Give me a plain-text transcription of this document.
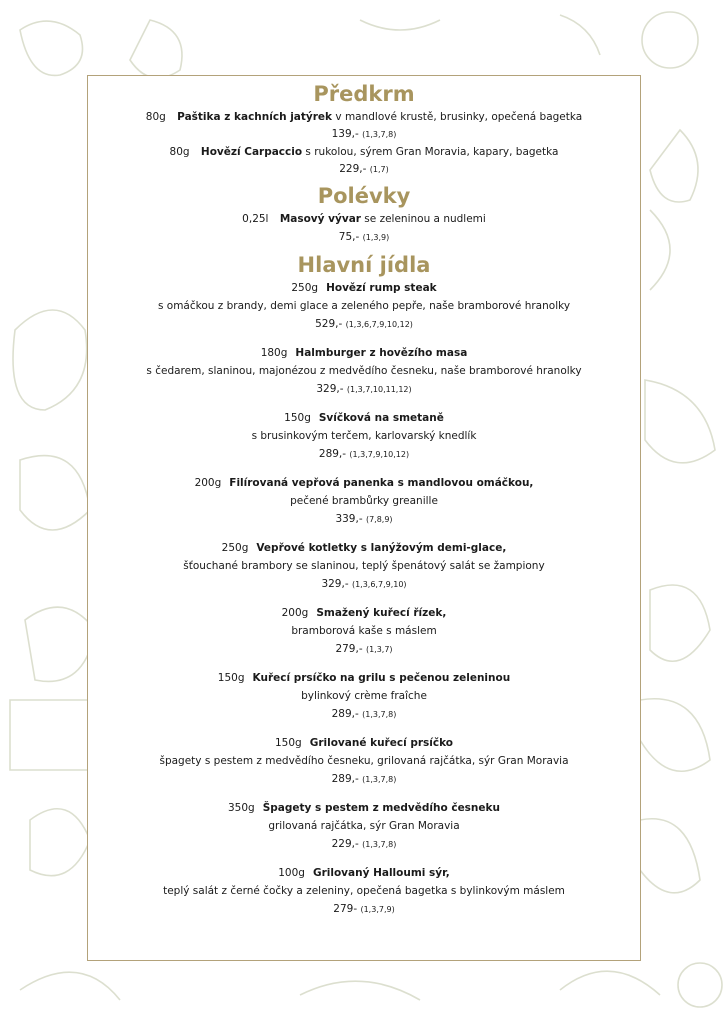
Předkrm
80g Paštika z kachních jatýrek v mandlové krustě, brusinky, opečená bagetka
139,- (1,3,7,8)
80g Hovězí Carpaccio s rukolou, sýrem Gran Moravia, kapary, bagetka
229,- (1,7)
Polévky
0,25l Masový vývar se zeleninou a nudlemi
75,- (1,3,9)
Hlavní jídla
250g Hovězí rump steak
s omáčkou z brandy, demi glace a zeleného pepře, naše bramborové hranolky
529,- (1,3,6,7,9,10,12)
180g Halmburger z hovězího masa
s čedarem, slaninou, majonézou z medvědího česneku, naše bramborové hranolky
329,- (1,3,7,10,11,12)
150g Svíčková na smetaně
s brusinkovým terčem, karlovarský knedlík
289,- (1,3,7,9,10,12)
200g Filírovaná vepřová panenka s mandlovou omáčkou,
pečené brambůrky greanille
339,- (7,8,9)
250g Vepřové kotletky s lanýžovým demi-glace,
šťouchané brambory se slaninou, teplý špenátový salát se žampiony
329,- (1,3,6,7,9,10)
200g Smažený kuřecí řízek,
bramborová kaše s máslem
279,- (1,3,7)
150g Kuřecí prsíčko na grilu s pečenou zeleninou
bylinkový crème fraîche
289,- (1,3,7,8)
150g Grilované kuřecí prsíčko
špagety s pestem z medvědího česneku, grilovaná rajčátka, sýr Gran Moravia
289,- (1,3,7,8)
350g Špagety s pestem z medvědího česneku
grilovaná rajčátka, sýr Gran Moravia
229,- (1,3,7,8)
100g Grilovaný Halloumi sýr,
teplý salát z černé čočky a zeleniny, opečená bagetka s bylinkovým máslem
279- (1,3,7,9)
